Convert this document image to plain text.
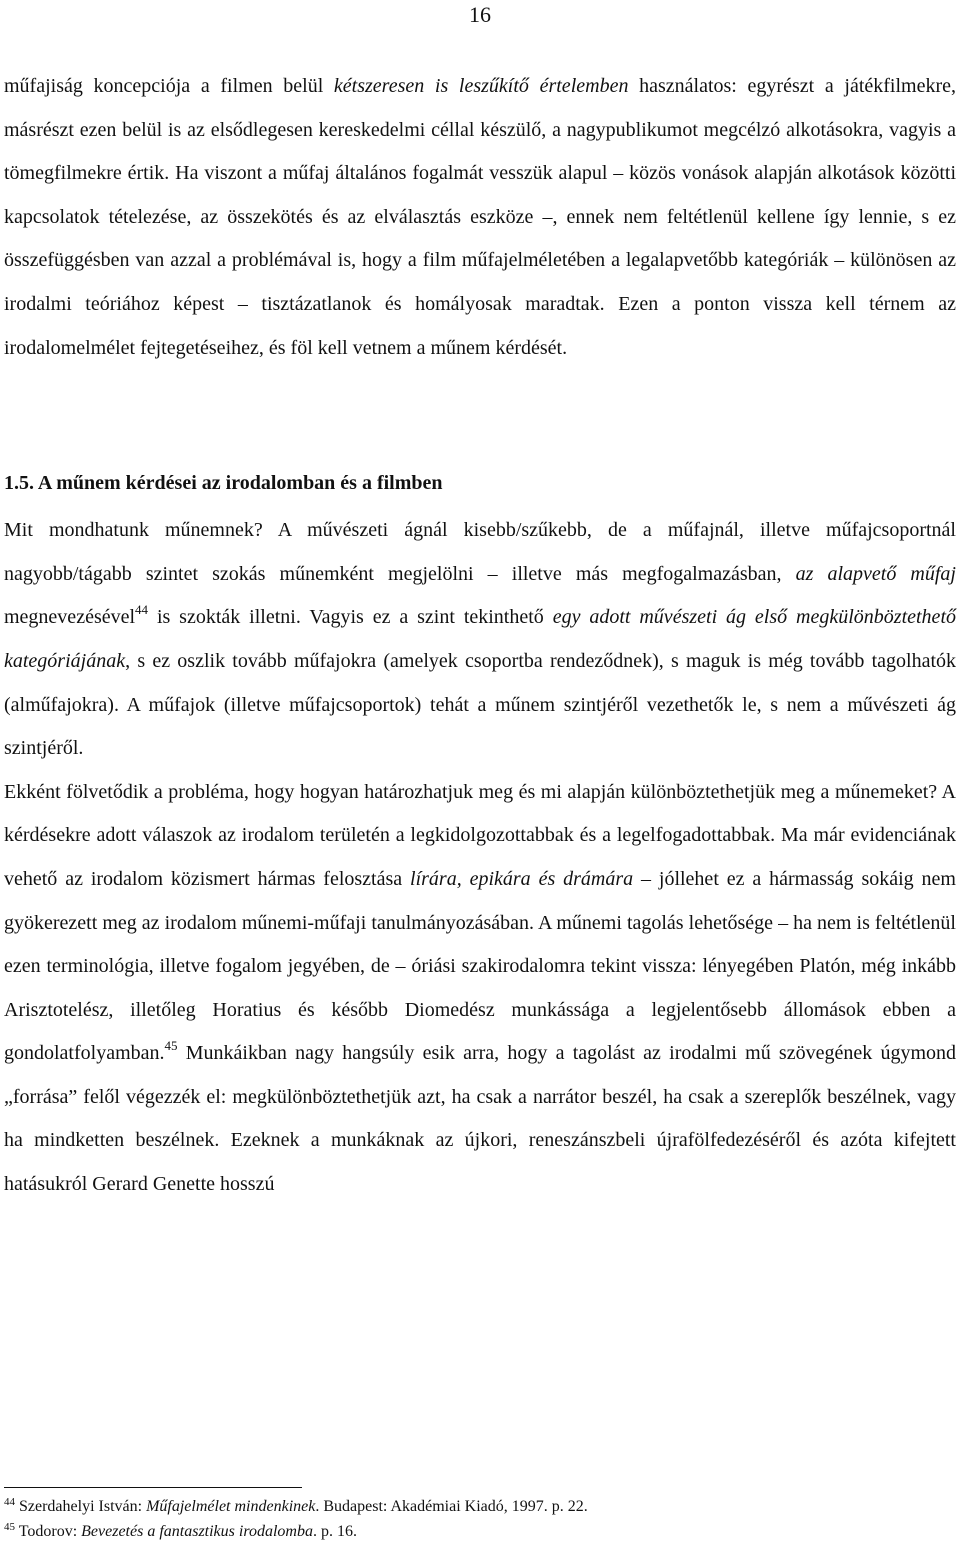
16

műfajiság koncepciója a filmen belül kétszeresen is leszűkítő értelemben használatos: egyrészt a játékfilmekre, másrészt ezen belül is az elsődlegesen kereskedelmi céllal készülő, a nagypublikumot megcélzó alkotásokra, vagyis a tömegfilmekre értik. Ha viszont a műfaj általános fogalmát vesszük alapul – közös vonások alapján alkotások közötti kapcsolatok tételezése, az összekötés és az elválasztás eszköze –, ennek nem feltétlenül kellene így lennie, s ez összefüggésben van azzal a problémával is, hogy a film műfajelméletében a legalapvetőbb kategóriák – különösen az irodalmi teóriához képest – tisztázatlanok és homályosak maradtak. Ezen a ponton vissza kell térnem az irodalomelmélet fejtegetéseihez, és föl kell vetnem a műnem kérdését.

1.5. A műnem kérdései az irodalomban és a filmben

Mit mondhatunk műnemnek? A művészeti ágnál kisebb/szűkebb, de a műfajnál, illetve műfajcsoportnál nagyobb/tágabb szintet szokás műnemként megjelölni – illetve más megfogalmazásban, az alapvető műfaj megnevezésével$^{44}$ is szokták illetni. Vagyis ez a szint tekinthető egy adott művészeti ág első megkülönböztethető kategóriájának, s ez oszlik tovább műfajokra (amelyek csoportba rendeződnek), s maguk is még tovább tagolhatók (alműfajokra). A műfajok (illetve műfajcsoportok) tehát a műnem szintjéről vezethetők le, s nem a művészeti ág szintjéről.

Ekként fölvetődik a probléma, hogy hogyan határozhatjuk meg és mi alapján különböztethetjük meg a műnemeket? A kérdésekre adott válaszok az irodalom területén a legkidolgozottabbak és a legelfogadottabbak. Ma már evidenciának vehető az irodalom közismert hármas felosztása lírára, epikára és drámára – jóllehet ez a hármasság sokáig nem gyökerezett meg az irodalom műnemi-műfaji tanulmányozásában. A műnemi tagolás lehetősége – ha nem is feltétlenül ezen terminológia, illetve fogalom jegyében, de – óriási szakirodalomra tekint vissza: lényegében Platón, még inkább Arisztotelész, illetőleg Horatius és később Diomedész munkássága a legjelentősebb állomások ebben a gondolatfolyamban.$^{45}$ Munkáikban nagy hangsúly esik arra, hogy a tagolást az irodalmi mű szövegének úgymond „forrása” felől végezzék el: megkülönböztethetjük azt, ha csak a narrátor beszél, ha csak a szereplők beszélnek, vagy ha mindketten beszélnek. Ezeknek a munkáknak az újkori, reneszánszbeli újrafölfedezéséről és azóta kifejtett hatásukról Gerard Genette hosszú

$^{44}$ Szerdahelyi István: Műfajelmélet mindenkinek. Budapest: Akadémiai Kiadó, 1997. p. 22.

$^{45}$ Todorov: Bevezetés a fantasztikus irodalomba. p. 16.
